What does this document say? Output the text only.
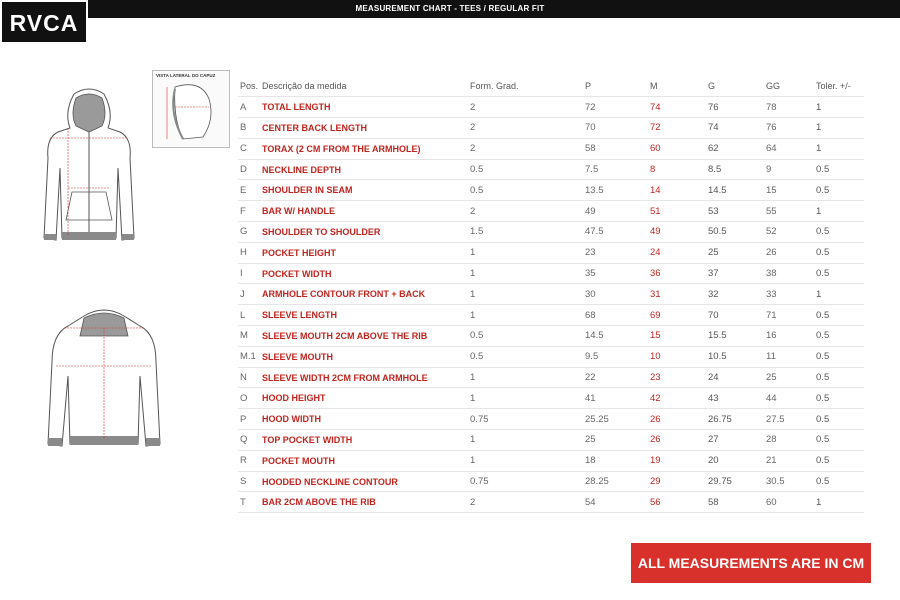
MEASUREMENT CHART - TEES / REGULAR FIT
RVCA
VISTA LATERAL DO CAPUZ
Pos.	Descrição da medida	Form. Grad.	P	M	G	GG	Toler. +/-
A	TOTAL LENGTH	2	72	74	76	78	1
B	CENTER BACK LENGTH	2	70	72	74	76	1
C	TORAX (2 CM FROM THE ARMHOLE)	2	58	60	62	64	1
D	NECKLINE DEPTH	0.5	7.5	8	8.5	9	0.5
E	SHOULDER IN SEAM	0.5	13.5	14	14.5	15	0.5
F	BAR W/ HANDLE	2	49	51	53	55	1
G	SHOULDER TO SHOULDER	1.5	47.5	49	50.5	52	0.5
H	POCKET HEIGHT	1	23	24	25	26	0.5
I	POCKET WIDTH	1	35	36	37	38	0.5
J	ARMHOLE CONTOUR FRONT + BACK	1	30	31	32	33	1
L	SLEEVE LENGTH	1	68	69	70	71	0.5
M	SLEEVE MOUTH 2CM ABOVE THE RIB	0.5	14.5	15	15.5	16	0.5
M.1	SLEEVE MOUTH	0.5	9.5	10	10.5	11	0.5
N	SLEEVE WIDTH 2CM FROM ARMHOLE	1	22	23	24	25	0.5
O	HOOD HEIGHT	1	41	42	43	44	0.5
P	HOOD WIDTH	0.75	25.25	26	26.75	27.5	0.5
Q	TOP POCKET WIDTH	1	25	26	27	28	0.5
R	POCKET MOUTH	1	18	19	20	21	0.5
S	HOODED NECKLINE CONTOUR	0.75	28.25	29	29.75	30.5	0.5
T	BAR 2CM ABOVE THE RIB	2	54	56	58	60	1
ALL MEASUREMENTS ARE IN CM
